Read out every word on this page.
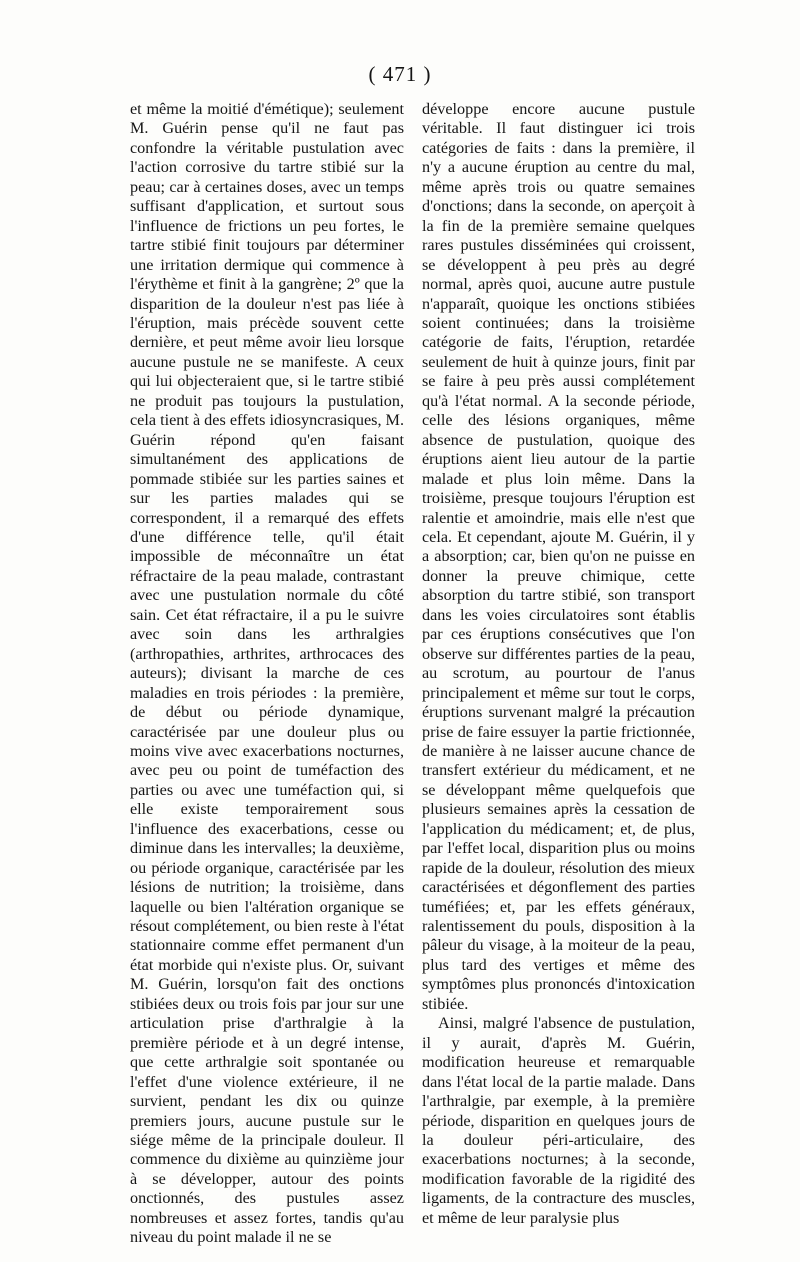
( 471 )

et même la moitié d'émétique); seulement M. Guérin pense qu'il ne faut pas confondre la véritable pustulation avec l'action corrosive du tartre stibié sur la peau; car à certaines doses, avec un temps suffisant d'application, et surtout sous l'influence de frictions un peu fortes, le tartre stibié finit toujours par déterminer une irritation dermique qui commence à l'érythème et finit à la gangrène; 2º que la disparition de la douleur n'est pas liée à l'éruption, mais précède souvent cette dernière, et peut même avoir lieu lorsque aucune pustule ne se manifeste. A ceux qui lui objecteraient que, si le tartre stibié ne produit pas toujours la pustulation, cela tient à des effets idiosyncrasiques, M. Guérin répond qu'en faisant simultanément des applications de pommade stibiée sur les parties saines et sur les parties malades qui se correspondent, il a remarqué des effets d'une différence telle, qu'il était impossible de méconnaître un état réfractaire de la peau malade, contrastant avec une pustulation normale du côté sain. Cet état réfractaire, il a pu le suivre avec soin dans les arthralgies (arthropathies, arthrites, arthrocaces des auteurs); divisant la marche de ces maladies en trois périodes : la première, de début ou période dynamique, caractérisée par une douleur plus ou moins vive avec exacerbations nocturnes, avec peu ou point de tuméfaction des parties ou avec une tuméfaction qui, si elle existe temporairement sous l'influence des exacerbations, cesse ou diminue dans les intervalles; la deuxième, ou période organique, caractérisée par les lésions de nutrition; la troisième, dans laquelle ou bien l'altération organique se résout complétement, ou bien reste à l'état stationnaire comme effet permanent d'un état morbide qui n'existe plus. Or, suivant M. Guérin, lorsqu'on fait des onctions stibiées deux ou trois fois par jour sur une articulation prise d'arthralgie à la première période et à un degré intense, que cette arthralgie soit spontanée ou l'effet d'une violence extérieure, il ne survient, pendant les dix ou quinze premiers jours, aucune pustule sur le siége même de la principale douleur. Il commence du dixième au quinzième jour à se développer, autour des points onctionnés, des pustules assez nombreuses et assez fortes, tandis qu'au niveau du point malade il ne se

développe encore aucune pustule véritable. Il faut distinguer ici trois catégories de faits : dans la première, il n'y a aucune éruption au centre du mal, même après trois ou quatre semaines d'onctions; dans la seconde, on aperçoit à la fin de la première semaine quelques rares pustules disséminées qui croissent, se développent à peu près au degré normal, après quoi, aucune autre pustule n'apparaît, quoique les onctions stibiées soient continuées; dans la troisième catégorie de faits, l'éruption, retardée seulement de huit à quinze jours, finit par se faire à peu près aussi complétement qu'à l'état normal. A la seconde période, celle des lésions organiques, même absence de pustulation, quoique des éruptions aient lieu autour de la partie malade et plus loin même. Dans la troisième, presque toujours l'éruption est ralentie et amoindrie, mais elle n'est que cela. Et cependant, ajoute M. Guérin, il y a absorption; car, bien qu'on ne puisse en donner la preuve chimique, cette absorption du tartre stibié, son transport dans les voies circulatoires sont établis par ces éruptions consécutives que l'on observe sur différentes parties de la peau, au scrotum, au pourtour de l'anus principalement et même sur tout le corps, éruptions survenant malgré la précaution prise de faire essuyer la partie frictionnée, de manière à ne laisser aucune chance de transfert extérieur du médicament, et ne se développant même quelquefois que plusieurs semaines après la cessation de l'application du médicament; et, de plus, par l'effet local, disparition plus ou moins rapide de la douleur, résolution des mieux caractérisées et dégonflement des parties tuméfiées; et, par les effets généraux, ralentissement du pouls, disposition à la pâleur du visage, à la moiteur de la peau, plus tard des vertiges et même des symptômes plus prononcés d'intoxication stibiée.

Ainsi, malgré l'absence de pustulation, il y aurait, d'après M. Guérin, modification heureuse et remarquable dans l'état local de la partie malade. Dans l'arthralgie, par exemple, à la première période, disparition en quelques jours de la douleur péri-articulaire, des exacerbations nocturnes; à la seconde, modification favorable de la rigidité des ligaments, de la contracture des muscles, et même de leur paralysie plus
